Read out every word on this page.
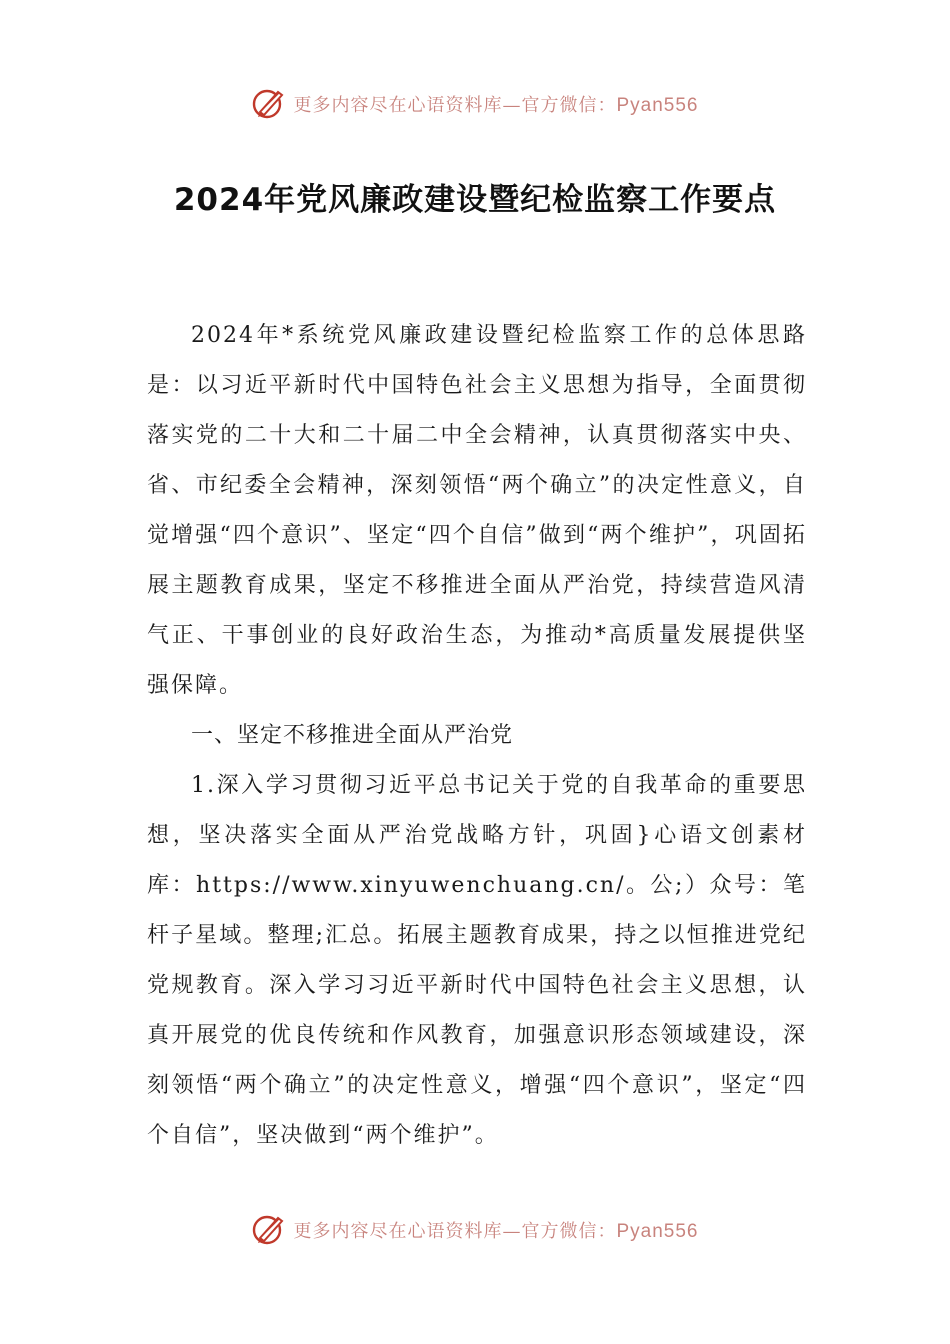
更多内容尽在心语资料库—官方微信：Pyan556
2024年党风廉政建设暨纪检监察工作要点

2024年*系统党风廉政建设暨纪检监察工作的总体思路是：以习近平新时代中国特色社会主义思想为指导，全面贯彻落实党的二十大和二十届二中全会精神，认真贯彻落实中央、省、市纪委全会精神，深刻领悟“两个确立”的决定性意义，自觉增强“四个意识”、坚定“四个自信”做到“两个维护”，巩固拓展主题教育成果，坚定不移推进全面从严治党，持续营造风清气正、干事创业的良好政治生态，为推动*高质量发展提供坚强保障。

一、坚定不移推进全面从严治党

1.深入学习贯彻习近平总书记关于党的自我革命的重要思想，坚决落实全面从严治党战略方针，巩固}心语文创素材库：https://www.xinyuwenchuang.cn/。公;）众号：笔杆子星域。整理;汇总。拓展主题教育成果，持之以恒推进党纪党规教育。深入学习习近平新时代中国特色社会主义思想，认真开展党的优良传统和作风教育，加强意识形态领域建设，深刻领悟“两个确立”的决定性意义，增强“四个意识”，坚定“四个自信”，坚决做到“两个维护”。

更多内容尽在心语资料库—官方微信：Pyan556
